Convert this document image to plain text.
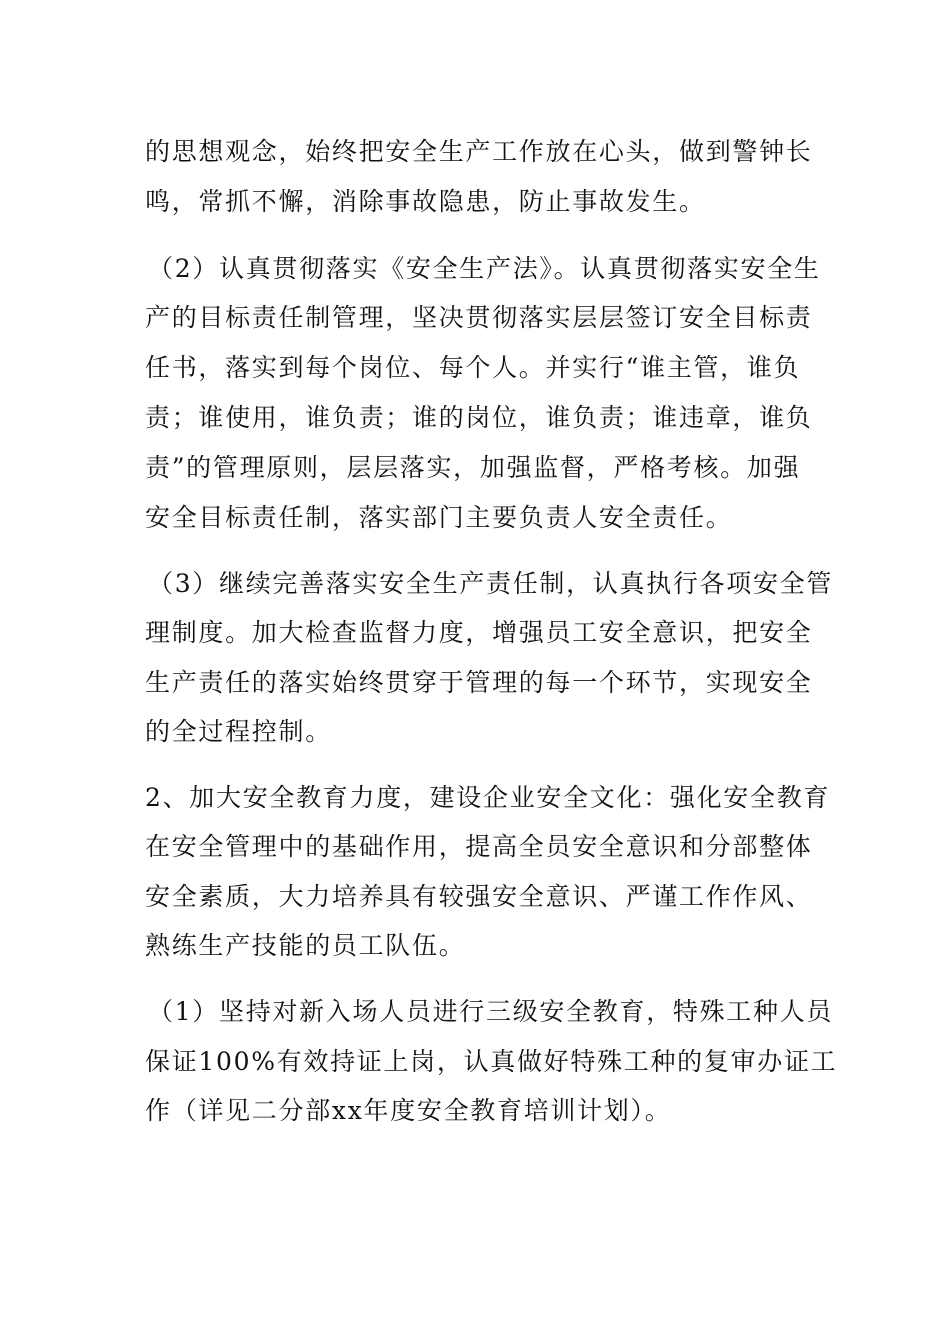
的思想观念，始终把安全生产工作放在心头，做到警钟长
鸣，常抓不懈，消除事故隐患，防止事故发生。
（2）认真贯彻落实《安全生产法》。认真贯彻落实安全生
产的目标责任制管理，坚决贯彻落实层层签订安全目标责
任书，落实到每个岗位、每个人。并实行“谁主管，谁负
责；谁使用，谁负责；谁的岗位，谁负责；谁违章，谁负
责”的管理原则，层层落实，加强监督，严格考核。加强
安全目标责任制，落实部门主要负责人安全责任。
（3）继续完善落实安全生产责任制，认真执行各项安全管
理制度。加大检查监督力度，增强员工安全意识，把安全
生产责任的落实始终贯穿于管理的每一个环节，实现安全
的全过程控制。
2、加大安全教育力度，建设企业安全文化：强化安全教育
在安全管理中的基础作用，提高全员安全意识和分部整体
安全素质，大力培养具有较强安全意识、严谨工作作风、
熟练生产技能的员工队伍。
（1）坚持对新入场人员进行三级安全教育，特殊工种人员
保证100%有效持证上岗，认真做好特殊工种的复审办证工
作（详见二分部xx年度安全教育培训计划）。
